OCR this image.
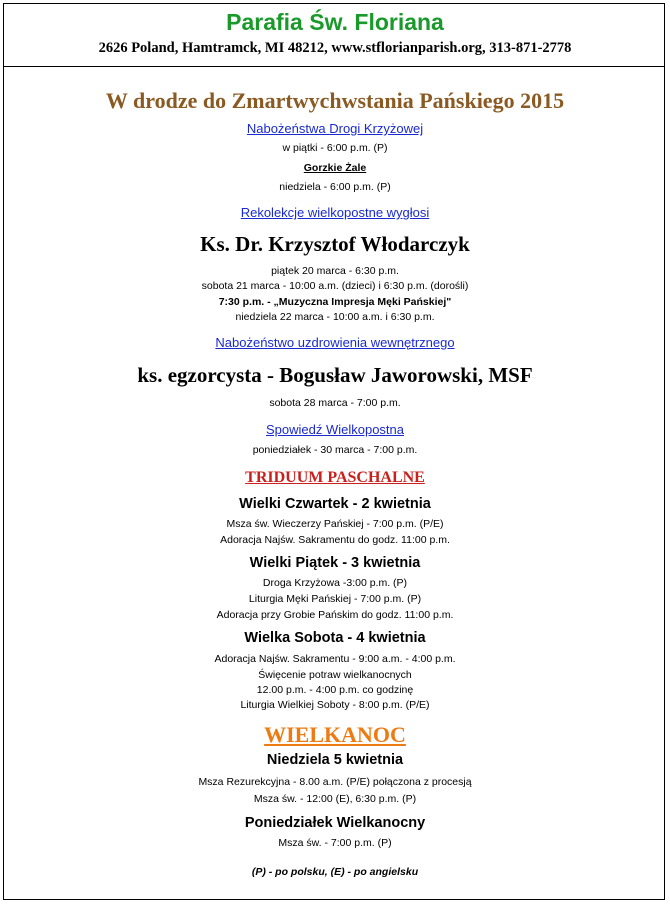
Parafia Św. Floriana
2626 Poland, Hamtramck, MI 48212, www.stflorianparish.org, 313-871-2778
W drodze do Zmartwychwstania Pańskiego 2015
Nabożeństwa Drogi Krzyżowej
w piątki - 6:00 p.m. (P)
Gorzkie Żale
niedziela - 6:00 p.m. (P)
Rekolekcje wielkopostne wygłosi
Ks. Dr. Krzysztof Włodarczyk
piątek 20 marca - 6:30 p.m.
sobota 21 marca - 10:00 a.m. (dzieci) i 6:30 p.m. (dorośli)
7:30 p.m. - „Muzyczna Impresja Męki Pańskiej"
niedziela 22 marca - 10:00 a.m. i 6:30 p.m.
Nabożeństwo uzdrowienia wewnętrznego
ks. egzorcysta - Bogusław Jaworowski, MSF
sobota 28 marca - 7:00 p.m.
Spowiedź Wielkopostna
poniedziałek - 30 marca - 7:00 p.m.
TRIDUUM PASCHALNE
Wielki Czwartek - 2 kwietnia
Msza św. Wieczerzy Pańskiej - 7:00 p.m. (P/E)
Adoracja Najśw. Sakramentu do godz. 11:00 p.m.
Wielki Piątek - 3 kwietnia
Droga Krzyżowa -3:00 p.m. (P)
Liturgia Męki Pańskiej - 7:00 p.m. (P)
Adoracja przy Grobie Pańskim do godz. 11:00 p.m.
Wielka Sobota - 4 kwietnia
Adoracja Najśw. Sakramentu - 9:00 a.m. - 4:00 p.m.
Święcenie potraw wielkanocnych
12.00 p.m. - 4:00 p.m. co godzinę
Liturgia Wielkiej Soboty - 8:00 p.m. (P/E)
WIELKANOC
Niedziela 5 kwietnia
Msza Rezurekcyjna - 8.00 a.m. (P/E) połączona z procesją
Msza św. - 12:00 (E), 6:30 p.m. (P)
Poniedziałek Wielkanocny
Msza św. - 7:00 p.m. (P)
(P) - po polsku, (E) - po angielsku
